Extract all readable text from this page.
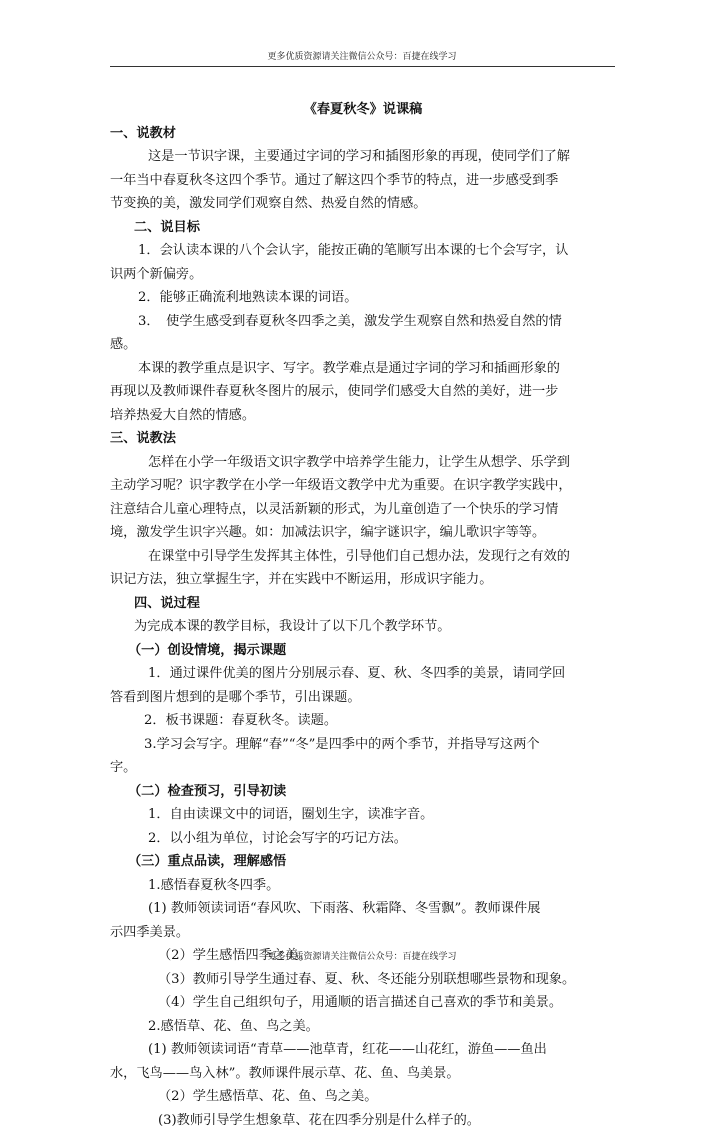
更多优质资源请关注微信公众号：百捷在线学习
《春夏秋冬》说课稿
一、说教材
这是一节识字课，主要通过字词的学习和插图形象的再现，使同学们了解
一年当中春夏秋冬这四个季节。通过了解这四个季节的特点，进一步感受到季
节变换的美，激发同学们观察自然、热爱自然的情感。
二、说目标
1．会认读本课的八个会认字，能按正确的笔顺写出本课的七个会写字，认
识两个新偏旁。
2．能够正确流利地熟读本课的词语。
3．　使学生感受到春夏秋冬四季之美，激发学生观察自然和热爱自然的情
感。
本课的教学重点是识字、写字。教学难点是通过字词的学习和插画形象的
再现以及教师课件春夏秋冬图片的展示，使同学们感受大自然的美好，进一步
培养热爱大自然的情感。
三、说教法
怎样在小学一年级语文识字教学中培养学生能力，让学生从想学、乐学到
主动学习呢？识字教学在小学一年级语文教学中尤为重要。在识字教学实践中，
注意结合儿童心理特点，以灵活新颖的形式，为儿童创造了一个快乐的学习情
境，激发学生识字兴趣。如：加减法识字，编字谜识字，编儿歌识字等等。
在课堂中引导学生发挥其主体性，引导他们自己想办法，发现行之有效的
识记方法，独立掌握生字，并在实践中不断运用，形成识字能力。
四、说过程
为完成本课的教学目标，我设计了以下几个教学环节。
（一）创设情境，揭示课题
1．通过课件优美的图片分别展示春、夏、秋、冬四季的美景，请同学回
答看到图片想到的是哪个季节，引出课题。
2．板书课题：春夏秋冬。读题。
3.学习会写字。理解“春”“冬”是四季中的两个季节，并指导写这两个
字。
（二）检查预习，引导初读
1．自由读课文中的词语，圈划生字，读准字音。
2．以小组为单位，讨论会写字的巧记方法。
（三）重点品读，理解感悟
1.感悟春夏秋冬四季。
(1) 教师领读词语“春风吹、下雨落、秋霜降、冬雪飘”。教师课件展
示四季美景。
（2）学生感悟四季之美。
（3）教师引导学生通过春、夏、秋、冬还能分别联想哪些景物和现象。
（4）学生自己组织句子，用通顺的语言描述自己喜欢的季节和美景。
2.感悟草、花、鱼、鸟之美。
(1) 教师领读词语“青草——池草青，红花——山花红，游鱼——鱼出
水，飞鸟——鸟入林”。教师课件展示草、花、鱼、鸟美景。
（2）学生感悟草、花、鱼、鸟之美。
(3)教师引导学生想象草、花在四季分别是什么样子的。
更多优质资源请关注微信公众号：百捷在线学习
